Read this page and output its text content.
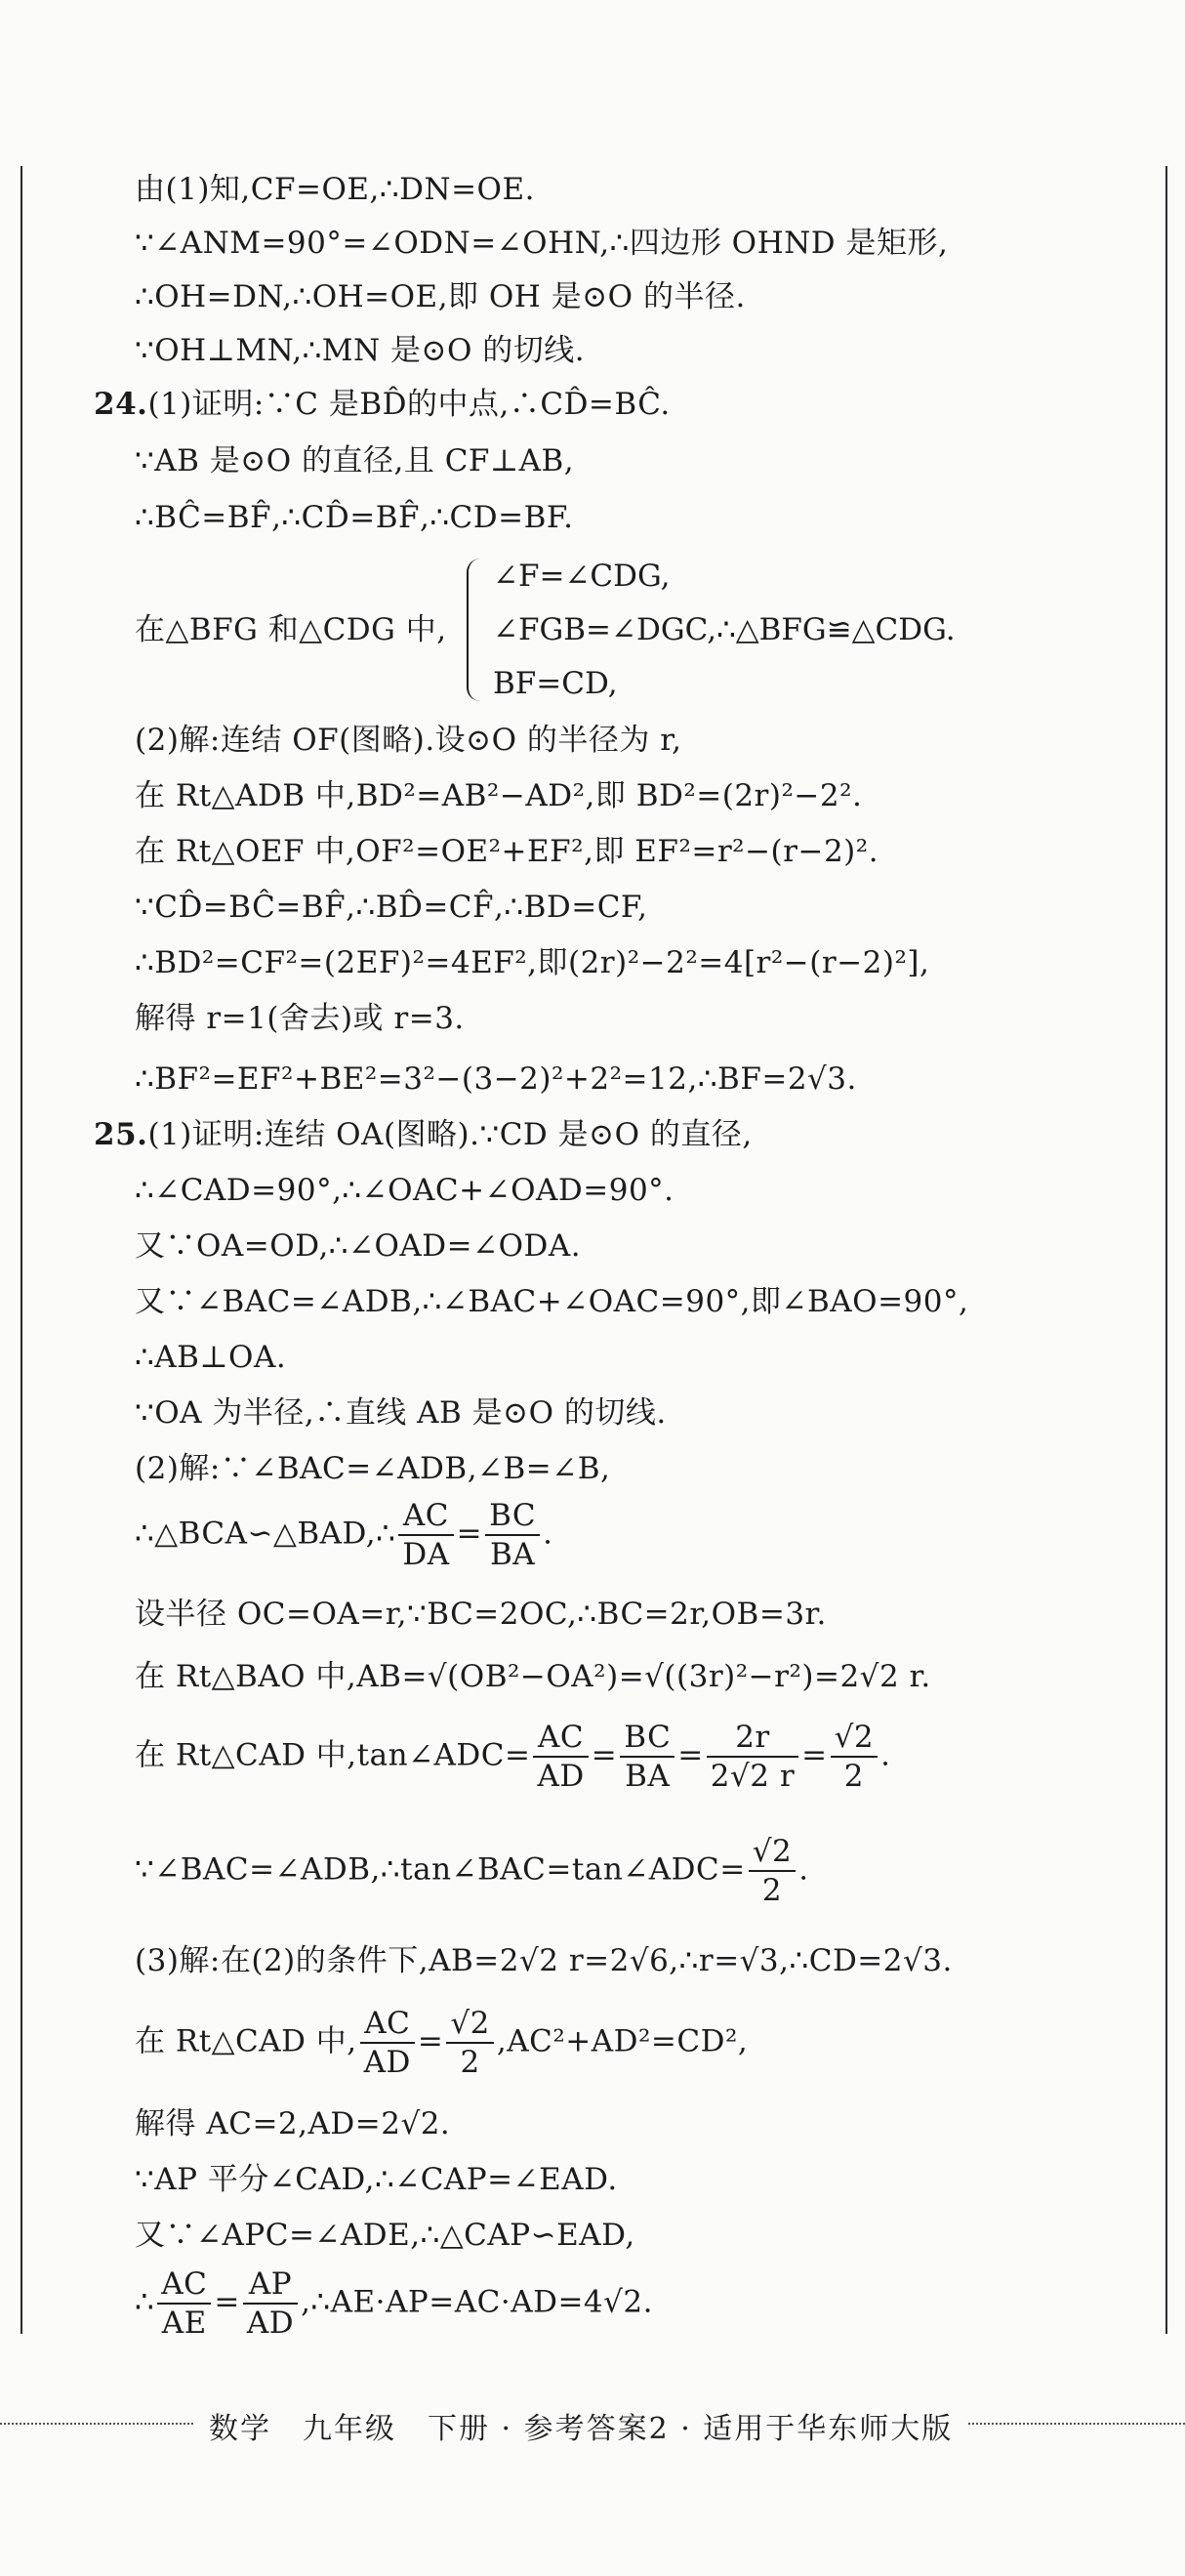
由(1)知,CF=OE,∴DN=OE.
∵∠ANM=90°=∠ODN=∠OHN,∴四边形 OHND 是矩形,
∴OH=DN,∴OH=OE,即 OH 是⊙O 的半径.
∵OH⊥MN,∴MN 是⊙O 的切线.
24.(1)证明:∵C 是BD̂的中点,∴CD̂=BĈ.
∵AB 是⊙O 的直径,且 CF⊥AB,
∴BĈ=BF̂,∴CD̂=BF̂,∴CD=BF.
∠F=∠CDG,
在△BFG 和△CDG 中, ∠FGB=∠DGC,∴△BFG≌△CDG.
BF=CD,
(2)解:连结 OF(图略).设⊙O 的半径为 r,
在 Rt△ADB 中,BD²=AB²−AD²,即 BD²=(2r)²−2².
在 Rt△OEF 中,OF²=OE²+EF²,即 EF²=r²−(r−2)².
∵CD̂=BĈ=BF̂,∴BD̂=CF̂,∴BD=CF,
∴BD²=CF²=(2EF)²=4EF²,即(2r)²−2²=4[r²−(r−2)²],
解得 r=1(舍去)或 r=3.
∴BF²=EF²+BE²=3²−(3−2)²+2²=12,∴BF=2√3.
25.(1)证明:连结 OA(图略).∵CD 是⊙O 的直径,
∴∠CAD=90°,∴∠OAC+∠OAD=90°.
又∵OA=OD,∴∠OAD=∠ODA.
又∵∠BAC=∠ADB,∴∠BAC+∠OAC=90°,即∠BAO=90°,
∴AB⊥OA.
∵OA 为半径,∴直线 AB 是⊙O 的切线.
(2)解:∵∠BAC=∠ADB,∠B=∠B,
∴△BCA∽△BAD,∴ $\frac{AC}{DA} = \frac{BC}{BA}$ .
设半径 OC=OA=r,∵BC=2OC,∴BC=2r,OB=3r.
在 Rt△BAO 中,AB=√(OB²−OA²)=√((3r)²−r²)=2√2 r.
在 Rt△CAD 中,tan∠ADC= $\frac{AC}{AD} = \frac{BC}{BA} = \frac{2r}{2√2 r} = \frac{√2}{2}$ .
∵∠BAC=∠ADB,∴tan∠BAC=tan∠ADC= $\frac{√2}{2}$ .
(3)解:在(2)的条件下,AB=2√2 r=2√6,∴r=√3,∴CD=2√3.
在 Rt△CAD 中, $\frac{AC}{AD} = \frac{√2}{2} ,AC^2+AD^2=CD^2$,
解得 AC=2,AD=2√2.
∵AP 平分∠CAD,∴∠CAP=∠EAD.
又∵∠APC=∠ADE,∴△CAP∽EAD,
∴ $\frac{AC}{AE} = \frac{AP}{AD}$ ,∴AE·AP=AC·AD=4√2.
数学　九年级　下册 · 参考答案2 · 适用于华东师大版
